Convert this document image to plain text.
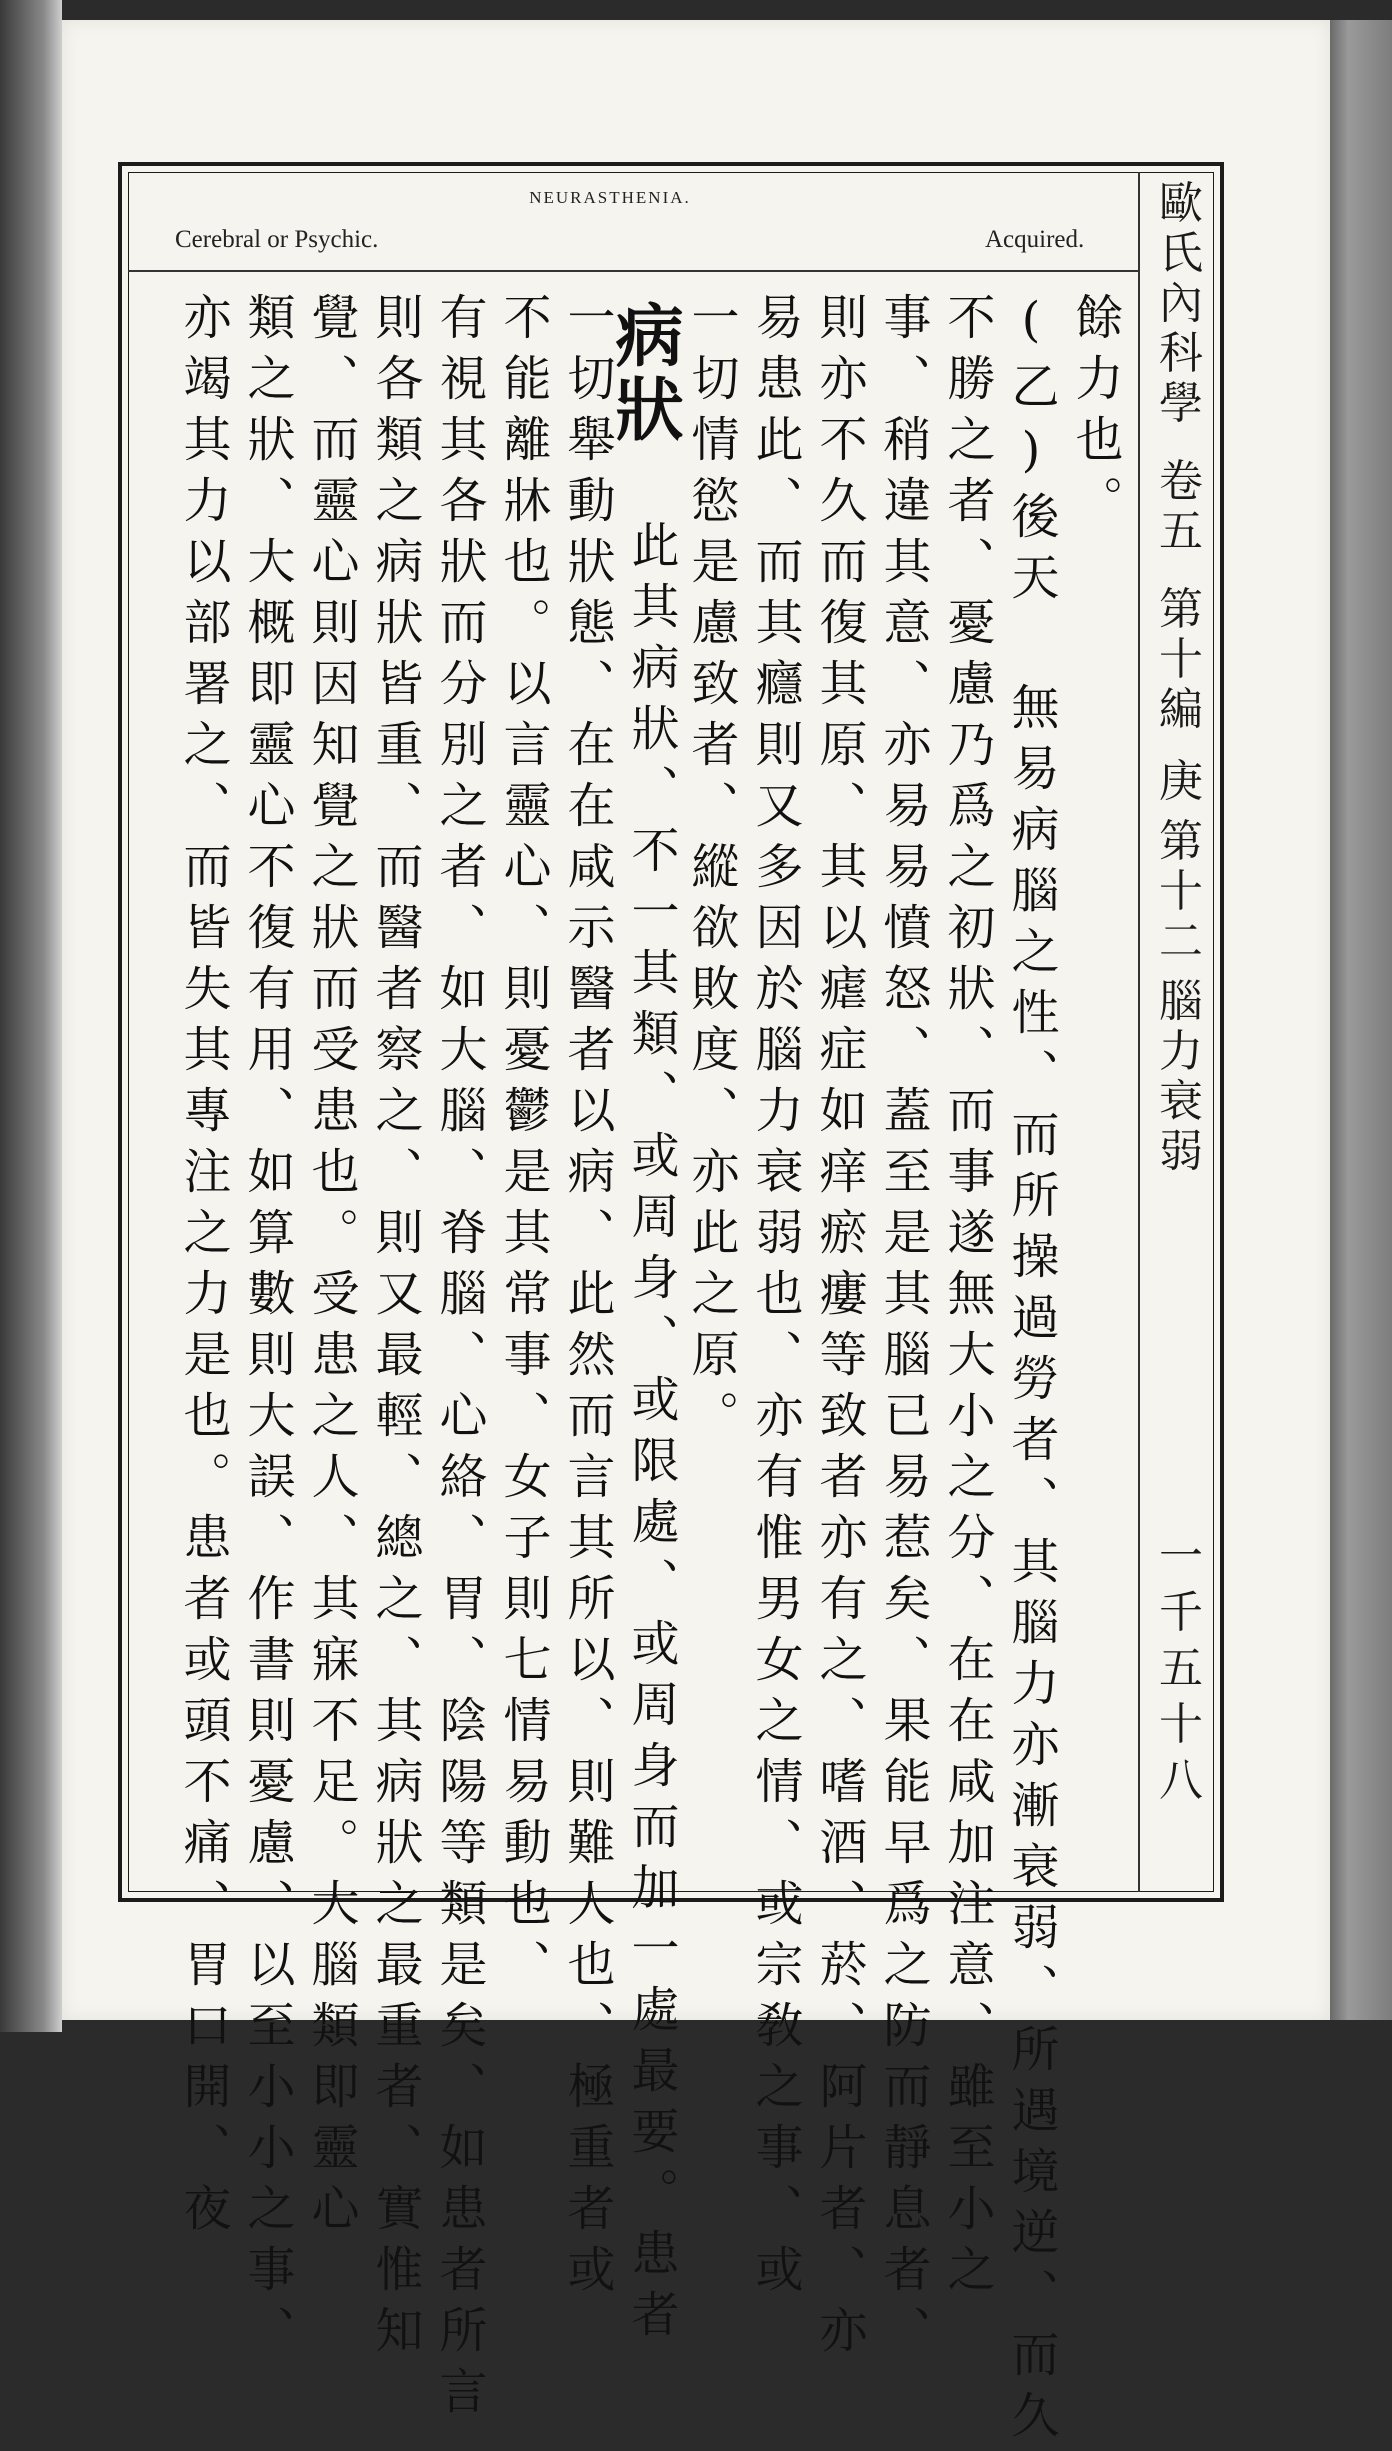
NEURASTHENIA.
Cerebral or Psychic.	Acquired.
歐
氏
內
科
學
卷
五
第
十
編
庚
第
十
二
腦
力
衰
弱
一
千
五
十
八
餘力也。
(乙)後天 無易病腦之性、而所操過勞者、其腦力亦漸衰弱、所遇境逆、而久
不勝之者、憂慮乃爲之初狀、而事遂無大小之分、在在咸加注意、雖至小之
事、稍違其意、亦易易憤怒、蓋至是其腦已易惹矣、果能早爲之防而靜息者、
則亦不久而復其原、其以瘧症如痒瘀瘻等致者亦有之、嗜酒、菸、阿片者、亦
易患此、而其癮則又多因於腦力衰弱也、亦有惟男女之情、或宗敎之事、或
一切情慾是慮致者、縱欲敗度、亦此之原。
病狀
此其病狀、不一其類、或周身、或限處、或周身而加一處最要。患者
一切舉動狀態、在在咸示醫者以病、此然而言其所以、則難人也、極重者或
不能離牀也。以言靈心、則憂鬱是其常事、女子則七情易動也、
有視其各狀而分別之者、如大腦、脊腦、心絡、胃、陰陽等類是矣、如患者所言
則各類之病狀皆重、而醫者察之、則又最輕、總之、其病狀之最重者、實惟知
覺、而靈心則因知覺之狀而受患也。受患之人、其寐不足。大腦類即靈心
類之狀、大概即靈心不復有用、如算數則大誤、作書則憂慮、以至小小之事、
亦竭其力以部署之、而皆失其專注之力是也。患者或頭不痛、胃口開、夜
